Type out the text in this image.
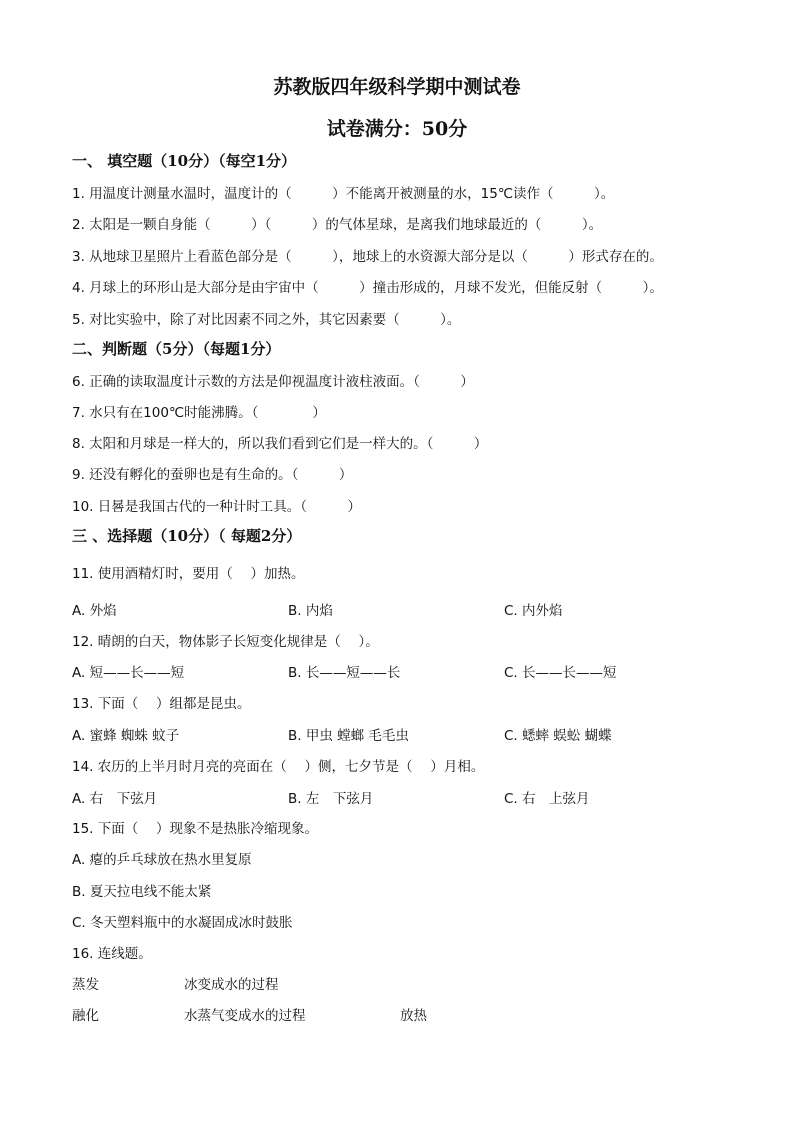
苏教版四年级科学期中测试卷
试卷满分：50分
一、 填空题（10分）（每空1分）
1. 用温度计测量水温时，温度计的（　　　）不能离开被测量的水，15℃读作（　　　）。
2. 太阳是一颗自身能（　　　）（　　　）的气体星球，是离我们地球最近的（　　　）。
3. 从地球卫星照片上看蓝色部分是（　　　），地球上的水资源大部分是以（　　　）形式存在的。
4. 月球上的环形山是大部分是由宇宙中（　　　）撞击形成的，月球不发光，但能反射（　　　）。
5. 对比实验中，除了对比因素不同之外，其它因素要（　　　）。
二、判断题（5分）（每题1分）
6. 正确的读取温度计示数的方法是仰视温度计液柱液面。（　　　）
7. 水只有在100℃时能沸腾。（　　　　）
8. 太阳和月球是一样大的，所以我们看到它们是一样大的。（　　　）
9. 还没有孵化的蚕卵也是有生命的。（　　　）
10. 日晷是我国古代的一种计时工具。（　　　）
三 、选择题（10分）（ 每题2分）
11. 使用酒精灯时，要用（　 ）加热。
A. 外焰	B. 内焰	C. 内外焰
12. 晴朗的白天，物体影子长短变化规律是（　 ）。
A. 短——长——短	B. 长——短——长	C. 长——长——短
13. 下面（　 ）组都是昆虫。
A. 蜜蜂 蜘蛛 蚊子	B. 甲虫 螳螂 毛毛虫	C. 蟋蟀 蜈蚣 蝴蝶
14. 农历的上半月时月亮的亮面在（　 ）侧，七夕节是（　 ）月相。
A. 右　下弦月	B. 左　下弦月	C. 右　上弦月
15. 下面（　 ）现象不是热胀冷缩现象。
A. 瘪的乒乓球放在热水里复原
B. 夏天拉电线不能太紧
C. 冬天塑料瓶中的水凝固成冰时鼓胀
16. 连线题。
蒸发	冰变成水的过程
融化	水蒸气变成水的过程	放热
